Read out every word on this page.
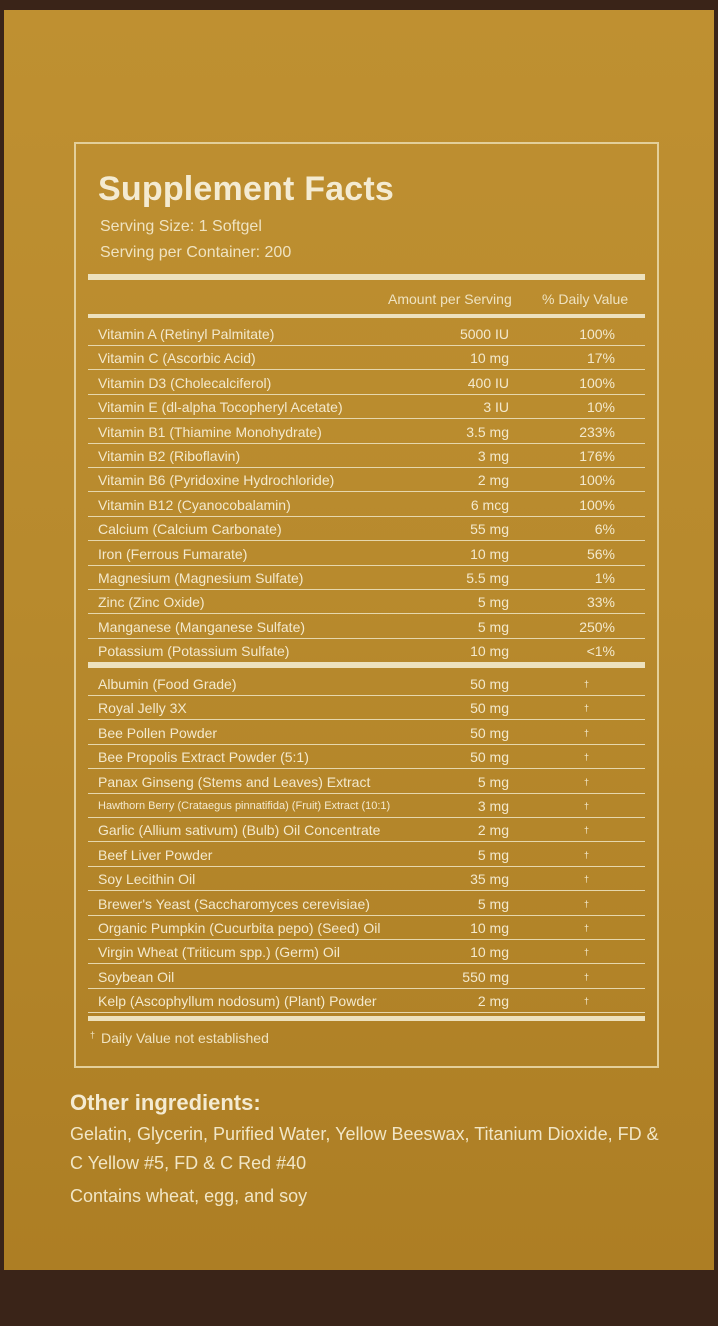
Supplement Facts
Serving Size: 1 Softgel
Serving per Container: 200
Amount per Serving % Daily Value
Vitamin A (Retinyl Palmitate)	5000 IU	100%
Vitamin C (Ascorbic Acid)	10 mg	17%
Vitamin D3 (Cholecalciferol)	400 IU	100%
Vitamin E (dl-alpha Tocopheryl Acetate)	3 IU	10%
Vitamin B1 (Thiamine Monohydrate)	3.5 mg	233%
Vitamin B2 (Riboflavin)	3 mg	176%
Vitamin B6 (Pyridoxine Hydrochloride)	2 mg	100%
Vitamin B12 (Cyanocobalamin)	6 mcg	100%
Calcium (Calcium Carbonate)	55 mg	6%
Iron (Ferrous Fumarate)	10 mg	56%
Magnesium (Magnesium Sulfate)	5.5 mg	1%
Zinc (Zinc Oxide)	5 mg	33%
Manganese (Manganese Sulfate)	5 mg	250%
Potassium (Potassium Sulfate)	10 mg	<1%
Albumin (Food Grade)	50 mg	†
Royal Jelly 3X	50 mg	†
Bee Pollen Powder	50 mg	†
Bee Propolis Extract Powder (5:1)	50 mg	†
Panax Ginseng (Stems and Leaves) Extract	5 mg	†
Hawthorn Berry (Crataegus pinnatifida) (Fruit) Extract (10:1)	3 mg	†
Garlic (Allium sativum) (Bulb) Oil Concentrate	2 mg	†
Beef Liver Powder	5 mg	†
Soy Lecithin Oil	35 mg	†
Brewer's Yeast (Saccharomyces cerevisiae)	5 mg	†
Organic Pumpkin (Cucurbita pepo) (Seed) Oil	10 mg	†
Virgin Wheat (Triticum spp.) (Germ) Oil	10 mg	†
Soybean Oil	550 mg	†
Kelp (Ascophyllum nodosum) (Plant) Powder	2 mg	†
† Daily Value not established
Other ingredients:
Gelatin, Glycerin, Purified Water, Yellow Beeswax, Titanium Dioxide, FD & C Yellow #5, FD & C Red #40
Contains wheat, egg, and soy
